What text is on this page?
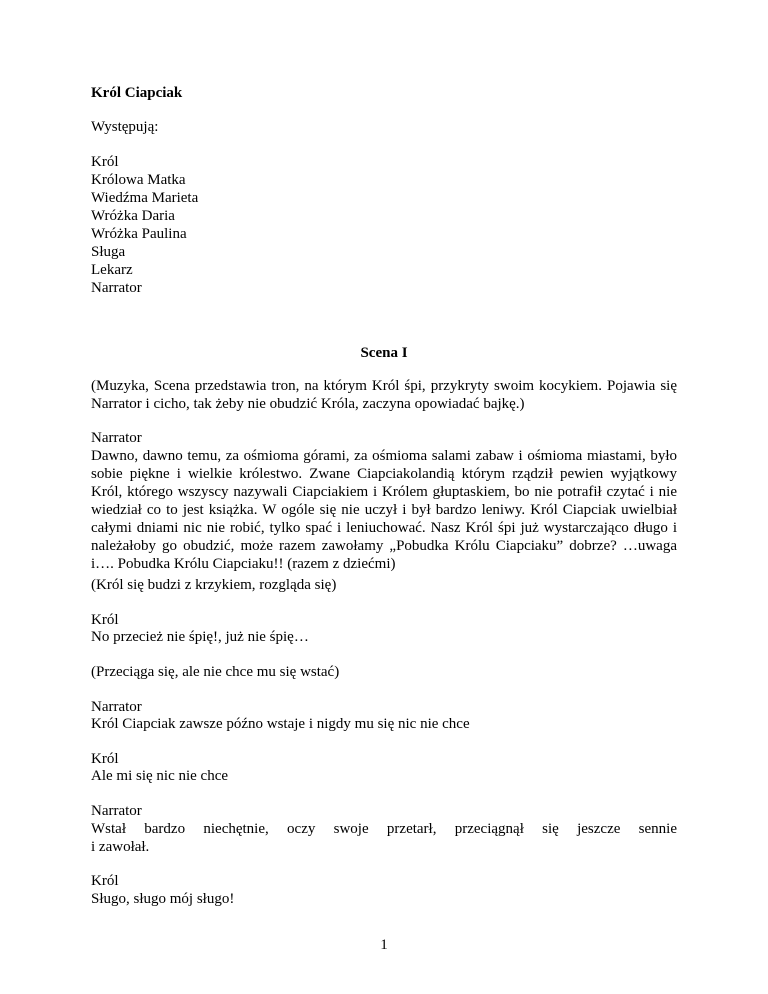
Król Ciapciak
Występują:
Król
Królowa Matka
Wiedźma Marieta
Wróżka Daria
Wróżka Paulina
Sługa
Lekarz
Narrator
Scena I
(Muzyka, Scena przedstawia tron, na którym Król śpi, przykryty swoim kocykiem. Pojawia się Narrator i cicho, tak żeby nie obudzić Króla, zaczyna opowiadać bajkę.)
Narrator
Dawno, dawno temu, za ośmioma górami, za ośmioma salami zabaw i ośmioma miastami, było sobie piękne i wielkie królestwo. Zwane Ciapciakolandią którym rządził pewien wyjątkowy Król, którego wszyscy nazywali Ciapciakiem i Królem głuptaskiem, bo nie potrafił czytać i nie wiedział co to jest książka. W ogóle się nie uczył i był bardzo leniwy. Król Ciapciak uwielbiał całymi dniami nic nie robić, tylko spać i leniuchować. Nasz Król śpi już wystarczająco długo i należałoby go obudzić, może razem zawołamy „Pobudka Królu Ciapciaku” dobrze? …uwaga i…. Pobudka Królu Ciapciaku!! (razem z dziećmi)
(Król się budzi z krzykiem, rozgląda się)
Król
No przecież nie śpię!, już nie śpię…
(Przeciąga się, ale nie chce mu się wstać)
Narrator
Król Ciapciak zawsze późno wstaje i nigdy mu się nic nie chce
Król
Ale mi się nic nie chce
Narrator
Wstał bardzo niechętnie, oczy swoje przetarł, przeciągnął się jeszcze sennie
i zawołał.
Król
Sługo, sługo mój sługo!
1
